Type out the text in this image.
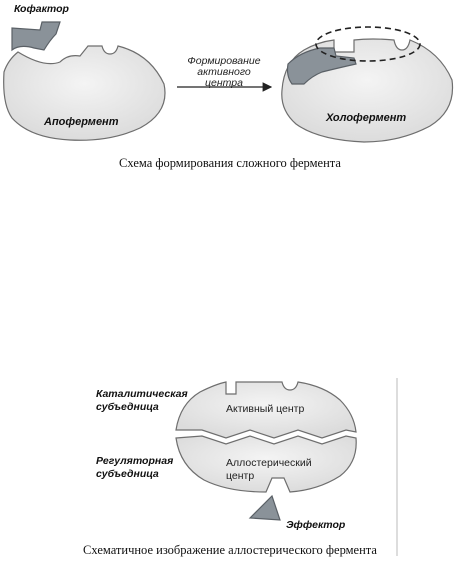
Кофактор
Апофермент
Формирование
активного
центра
Холофермент
Схема формирования сложного фермента
Каталитическая
субъедница
Регуляторная
субъедница
Активный центр
Аллостерический
центр
Эффектор
Схематичное изображение аллостерического фермента
